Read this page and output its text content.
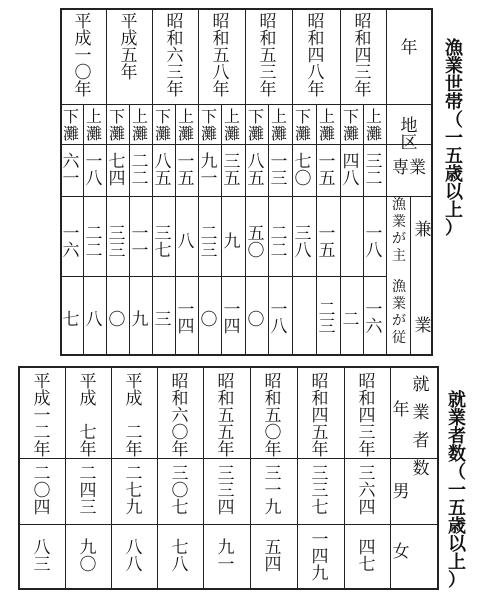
漁
業
世
帯
（
一
五
歳
以
上
）
年
地区
専業
兼
業
漁
業
が
主
漁
業
が
従
昭
和
四
三
年
昭
和
四
八
年
昭
和
五
三
年
昭
和
五
八
年
昭
和
六
三
年
平
成
五
年
平
成
一
〇
年
上
灘
下
灘
上
灘
下
灘
上
灘
下
灘
上
灘
下
灘
上
灘
下
灘
上
灘
下
灘
上
灘
下
灘
三
二
四
八
一
五
七
〇
一
三
八
五
三
五
九
一
一
五
八
五
二
二
七
四
一
八
六
一
一
八
一
五
三
八
二
二
五
〇
九
二
三
八
三
七
一
一
三
三
二
二
一
六
一
六
二
二
三
一
八
〇
一
四
〇
一
四
三
九
〇
八
七
就
業
者
数
（
一
五
歳
以
上
）
就
業
者
数
年
男
女
昭
和
四
三
年
昭
和
四
五
年
昭
和
五
〇
年
昭
和
五
五
年
昭
和
六
〇
年
平
成
二
年
平
成
七
年
平
成
一
二
年
三
六
四
三
三
七
三
一
九
三
三
四
三
〇
七
二
七
九
二
四
三
二
〇
四
四
七
一
四
九
五
四
九
一
七
八
八
八
九
〇
八
三
